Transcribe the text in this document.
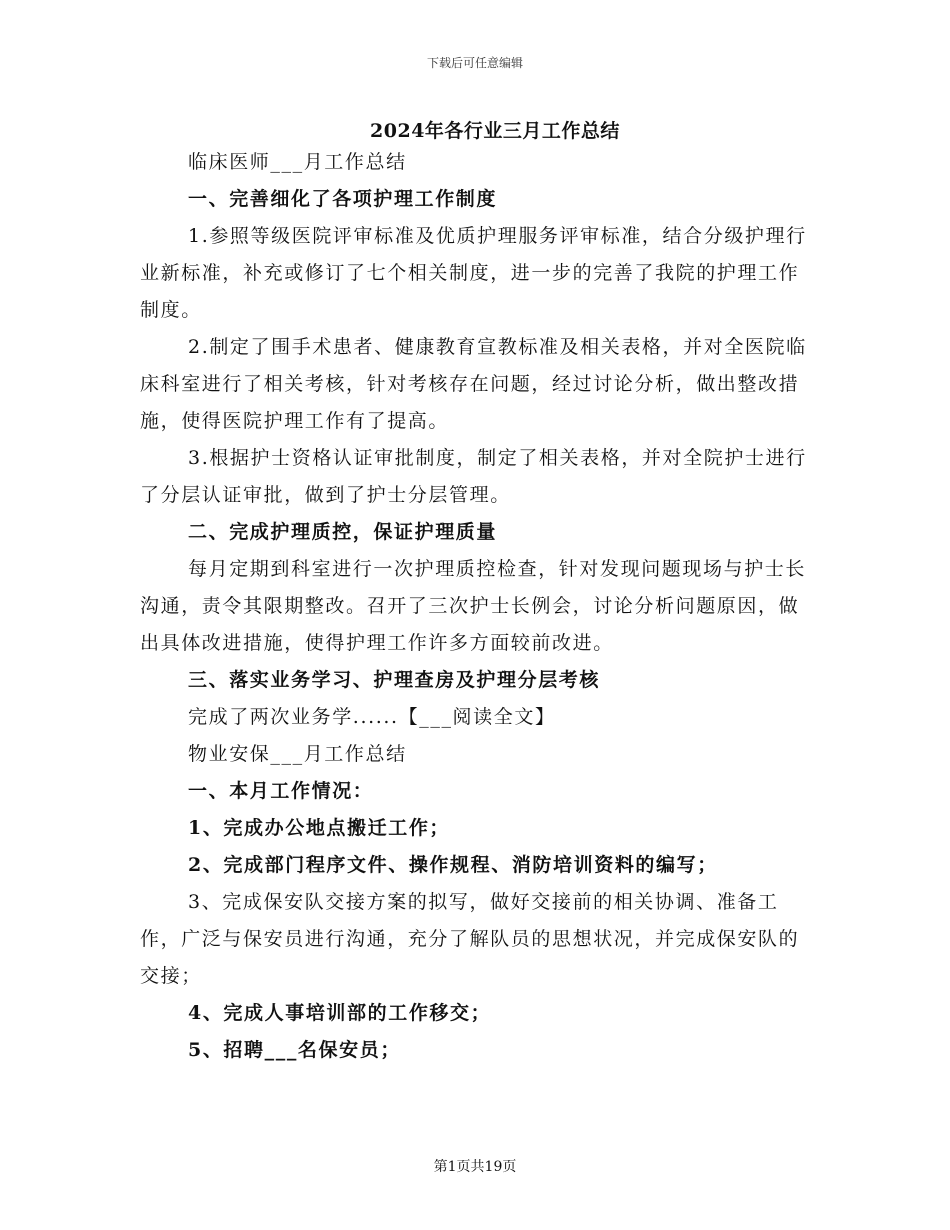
下载后可任意编辑
2024年各行业三月工作总结

临床医师___月工作总结

一、完善细化了各项护理工作制度

1.参照等级医院评审标准及优质护理服务评审标准，结合分级护理行业新标准，补充或修订了七个相关制度，进一步的完善了我院的护理工作制度。

2.制定了围手术患者、健康教育宣教标准及相关表格，并对全医院临床科室进行了相关考核，针对考核存在问题，经过讨论分析，做出整改措施，使得医院护理工作有了提高。

3.根据护士资格认证审批制度，制定了相关表格，并对全院护士进行了分层认证审批，做到了护士分层管理。

二、完成护理质控，保证护理质量

每月定期到科室进行一次护理质控检查，针对发现问题现场与护士长沟通，责令其限期整改。召开了三次护士长例会，讨论分析问题原因，做出具体改进措施，使得护理工作许多方面较前改进。

三、落实业务学习、护理查房及护理分层考核

完成了两次业务学......【___阅读全文】

物业安保___月工作总结

一、本月工作情况：

1、完成办公地点搬迁工作；

2、完成部门程序文件、操作规程、消防培训资料的编写；

3、完成保安队交接方案的拟写，做好交接前的相关协调、准备工作，广泛与保安员进行沟通，充分了解队员的思想状况，并完成保安队的交接；

4、完成人事培训部的工作移交；

5、招聘___名保安员；

第1页共19页
